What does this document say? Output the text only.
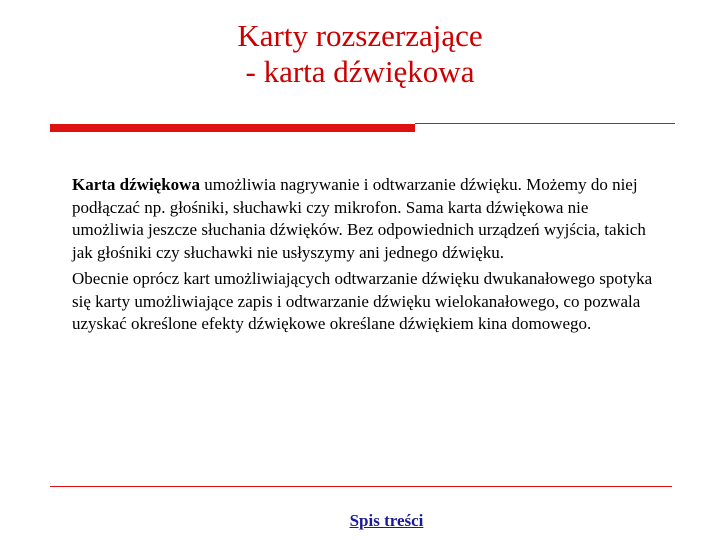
Karty rozszerzające
- karta dźwiękowa

Karta dźwiękowa umożliwia nagrywanie i odtwarzanie dźwięku. Możemy do niej podłączać np. głośniki, słuchawki czy mikrofon. Sama karta dźwiękowa nie umożliwia jeszcze słuchania dźwięków. Bez odpowiednich urządzeń wyjścia, takich jak głośniki czy słuchawki nie usłyszymy ani jednego dźwięku.

Obecnie oprócz kart umożliwiających odtwarzanie dźwięku dwukanałowego spotyka się karty umożliwiające zapis i odtwarzanie dźwięku wielokanałowego, co pozwala uzyskać określone efekty dźwiękowe określane dźwiękiem kina domowego.

Spis treści
